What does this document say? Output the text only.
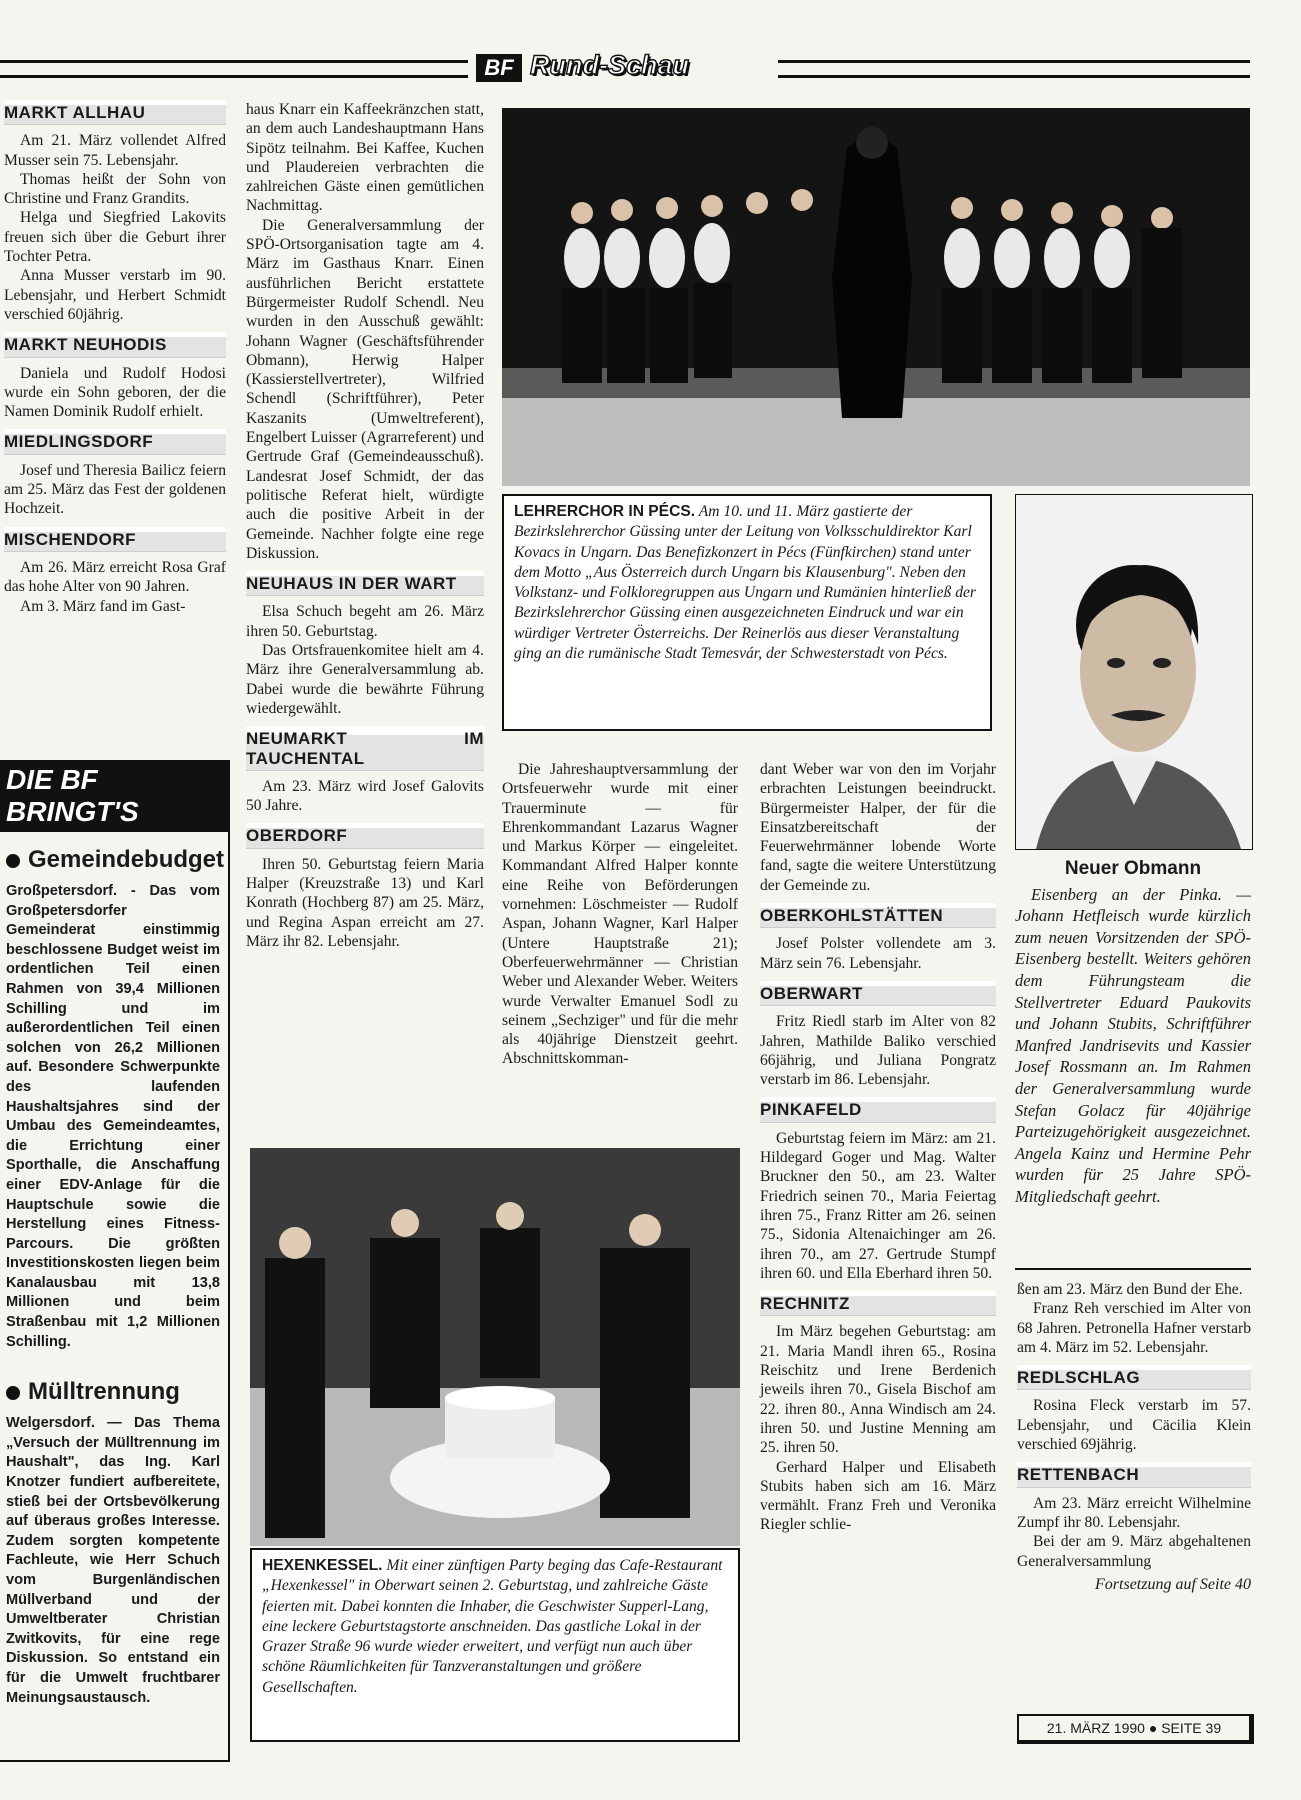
BF Rund-Schau
MARKT ALLHAU

Am 21. März vollendet Alfred Musser sein 75. Lebensjahr.

Thomas heißt der Sohn von Christine und Franz Grandits.

Helga und Siegfried Lakovits freuen sich über die Geburt ihrer Tochter Petra.

Anna Musser verstarb im 90. Lebensjahr, und Herbert Schmidt verschied 60jährig.

MARKT NEUHODIS

Daniela und Rudolf Hodosi wurde ein Sohn geboren, der die Namen Dominik Rudolf erhielt.

MIEDLINGSDORF

Josef und Theresia Bailicz feiern am 25. März das Fest der goldenen Hochzeit.

MISCHENDORF

Am 26. März erreicht Rosa Graf das hohe Alter von 90 Jahren.

Am 3. März fand im Gast-

DIE BF BRINGT'S
Gemeindebudget
Großpetersdorf. - Das vom Großpetersdorfer Gemeinderat einstimmig beschlossene Budget weist im ordentlichen Teil einen Rahmen von 39,4 Millionen Schilling und im außerordentlichen Teil einen solchen von 26,2 Millionen auf. Besondere Schwerpunkte des laufenden Haushaltsjahres sind der Umbau des Gemeindeamtes, die Errichtung einer Sporthalle, die Anschaffung einer EDV-Anlage für die Hauptschule sowie die Herstellung eines Fitness-Parcours. Die größten Investitionskosten liegen beim Kanalausbau mit 13,8 Millionen und beim Straßenbau mit 1,2 Millionen Schilling.
Mülltrennung
Welgersdorf. — Das Thema „Versuch der Mülltrennung im Haushalt", das Ing. Karl Knotzer fundiert aufbereitete, stieß bei der Ortsbevölkerung auf überaus großes Interesse. Zudem sorgten kompetente Fachleute, wie Herr Schuch vom Burgenländischen Müllverband und der Umweltberater Christian Zwitkovits, für eine rege Diskussion. So entstand ein für die Umwelt fruchtbarer Meinungsaustausch.

haus Knarr ein Kaffeekränzchen statt, an dem auch Landeshauptmann Hans Sipötz teilnahm. Bei Kaffee, Kuchen und Plaudereien verbrachten die zahlreichen Gäste einen gemütlichen Nachmittag.

Die Generalversammlung der SPÖ-Ortsorganisation tagte am 4. März im Gasthaus Knarr. Einen ausführlichen Bericht erstattete Bürgermeister Rudolf Schendl. Neu wurden in den Ausschuß gewählt: Johann Wagner (Geschäftsführender Obmann), Herwig Halper (Kassierstellvertreter), Wilfried Schendl (Schriftführer), Peter Kaszanits (Umweltreferent), Engelbert Luisser (Agrarreferent) und Gertrude Graf (Gemeindeausschuß). Landesrat Josef Schmidt, der das politische Referat hielt, würdigte auch die positive Arbeit in der Gemeinde. Nachher folgte eine rege Diskussion.

NEUHAUS IN DER WART

Elsa Schuch begeht am 26. März ihren 50. Geburtstag.

Das Ortsfrauenkomitee hielt am 4. März ihre Generalversammlung ab. Dabei wurde die bewährte Führung wiedergewählt.

NEUMARKT IM TAUCHENTAL

Am 23. März wird Josef Galovits 50 Jahre.

OBERDORF

Ihren 50. Geburtstag feiern Maria Halper (Kreuzstraße 13) und Karl Konrath (Hochberg 87) am 25. März, und Regina Aspan erreicht am 27. März ihr 82. Lebensjahr.

LEHRERCHOR IN PÉCS. Am 10. und 11. März gastierte der Bezirkslehrerchor Güssing unter der Leitung von Volksschuldirektor Karl Kovacs in Ungarn. Das Benefizkonzert in Pécs (Fünfkirchen) stand unter dem Motto „Aus Österreich durch Ungarn bis Klausenburg". Neben den Volkstanz- und Folkloregruppen aus Ungarn und Rumänien hinterließ der Bezirkslehrerchor Güssing einen ausgezeichneten Eindruck und war ein würdiger Vertreter Österreichs. Der Reinerlös aus dieser Veranstaltung ging an die rumänische Stadt Temesvár, der Schwesterstadt von Pécs.
Neuer Obmann

Eisenberg an der Pinka. — Johann Hetfleisch wurde kürzlich zum neuen Vorsitzenden der SPÖ-Eisenberg bestellt. Weiters gehören dem Führungsteam die Stellvertreter Eduard Paukovits und Johann Stubits, Schriftführer Manfred Jandrisevits und Kassier Josef Rossmann an. Im Rahmen der Generalversammlung wurde Stefan Golacz für 40jährige Parteizugehörigkeit ausgezeichnet. Angela Kainz und Hermine Pehr wurden für 25 Jahre SPÖ-Mitgliedschaft geehrt.

ßen am 23. März den Bund der Ehe.

Franz Reh verschied im Alter von 68 Jahren. Petronella Hafner verstarb am 4. März im 52. Lebensjahr.

REDLSCHLAG

Rosina Fleck verstarb im 57. Lebensjahr, und Cäcilia Klein verschied 69jährig.

RETTENBACH

Am 23. März erreicht Wilhelmine Zumpf ihr 80. Lebensjahr.

Bei der am 9. März abgehaltenen Generalversammlung

Fortsetzung auf Seite 40
21. MÄRZ 1990 ● SEITE 39

Die Jahreshauptversammlung der Ortsfeuerwehr wurde mit einer Trauerminute — für Ehrenkommandant Lazarus Wagner und Markus Körper — eingeleitet. Kommandant Alfred Halper konnte eine Reihe von Beförderungen vornehmen: Löschmeister — Rudolf Aspan, Johann Wagner, Karl Halper (Untere Hauptstraße 21); Oberfeuerwehrmänner — Christian Weber und Alexander Weber. Weiters wurde Verwalter Emanuel Sodl zu seinem „Sechziger" und für die mehr als 40jährige Dienstzeit geehrt. Abschnittskomman-

dant Weber war von den im Vorjahr erbrachten Leistungen beeindruckt. Bürgermeister Halper, der für die Einsatzbereitschaft der Feuerwehrmänner lobende Worte fand, sagte die weitere Unterstützung der Gemeinde zu.

OBERKOHLSTÄTTEN

Josef Polster vollendete am 3. März sein 76. Lebensjahr.

OBERWART

Fritz Riedl starb im Alter von 82 Jahren, Mathilde Baliko verschied 66jährig, und Juliana Pongratz verstarb im 86. Lebensjahr.

PINKAFELD

Geburtstag feiern im März: am 21. Hildegard Goger und Mag. Walter Bruckner den 50., am 23. Walter Friedrich seinen 70., Maria Feiertag ihren 75., Franz Ritter am 26. seinen 75., Sidonia Altenaichinger am 26. ihren 70., am 27. Gertrude Stumpf ihren 60. und Ella Eberhard ihren 50.

RECHNITZ

Im März begehen Geburtstag: am 21. Maria Mandl ihren 65., Rosina Reischitz und Irene Berdenich jeweils ihren 70., Gisela Bischof am 22. ihren 80., Anna Windisch am 24. ihren 50. und Justine Menning am 25. ihren 50.

Gerhard Halper und Elisabeth Stubits haben sich am 16. März vermählt. Franz Freh und Veronika Riegler schlie-

HEXENKESSEL. Mit einer zünftigen Party beging das Cafe-Restaurant „Hexenkessel" in Oberwart seinen 2. Geburtstag, und zahlreiche Gäste feierten mit. Dabei konnten die Inhaber, die Geschwister Supperl-Lang, eine leckere Geburtstagstorte anschneiden. Das gastliche Lokal in der Grazer Straße 96 wurde wieder erweitert, und verfügt nun auch über schöne Räumlichkeiten für Tanzveranstaltungen und größere Gesellschaften.
